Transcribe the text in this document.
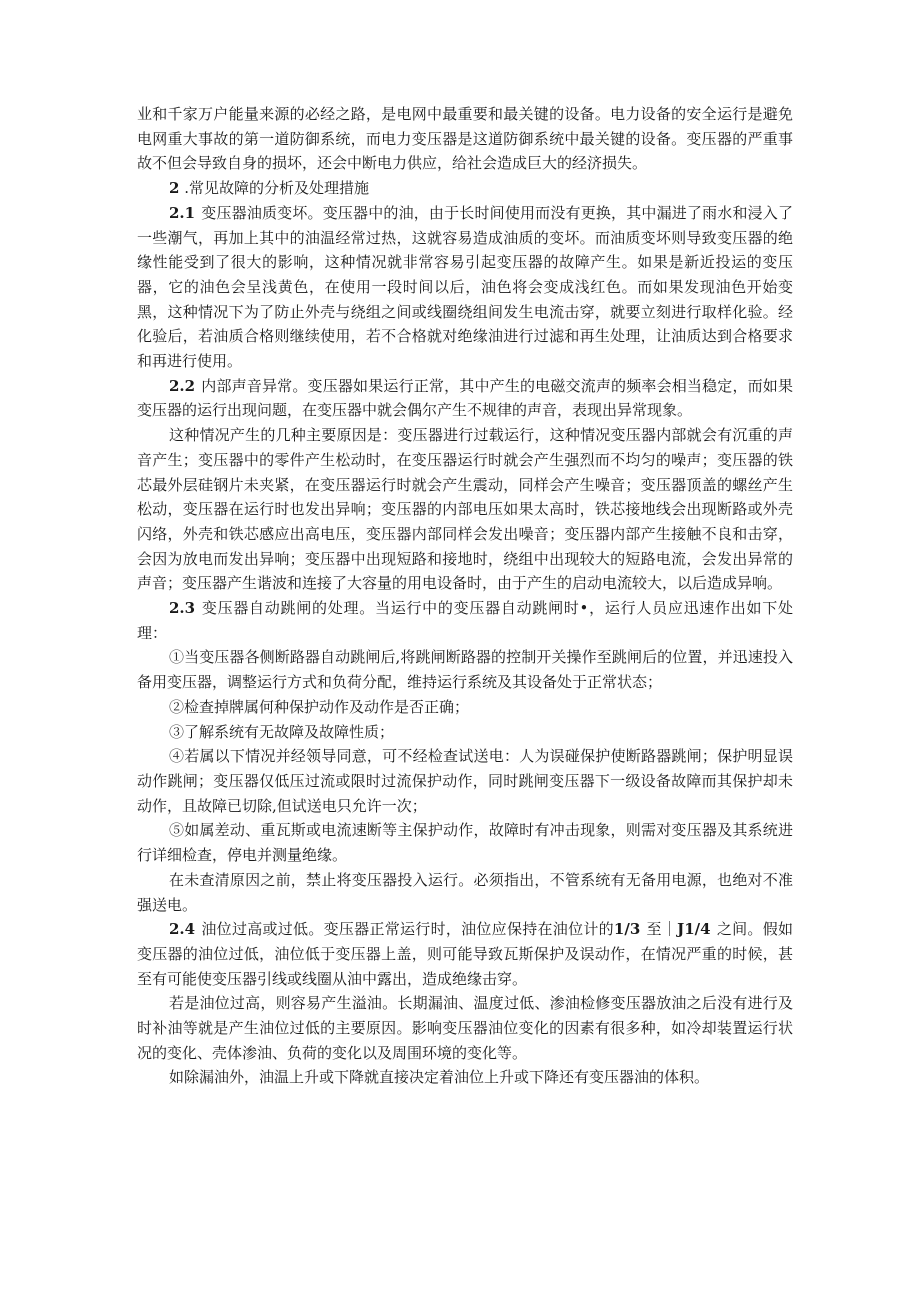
业和千家万户能量来源的必经之路，是电网中最重要和最关键的设备。电力设备的安全运行是避免电网重大事故的第一道防御系统，而电力变压器是这道防御系统中最关键的设备。变压器的严重事故不但会导致自身的损坏，还会中断电力供应，给社会造成巨大的经济损失。

2 .常见故障的分析及处理措施

2.1 变压器油质变坏。变压器中的油，由于长时间使用而没有更换，其中漏进了雨水和浸入了一些潮气，再加上其中的油温经常过热，这就容易造成油质的变坏。而油质变坏则导致变压器的绝缘性能受到了很大的影响，这种情况就非常容易引起变压器的故障产生。如果是新近投运的变压器，它的油色会呈浅黄色，在使用一段时间以后，油色将会变成浅红色。而如果发现油色开始变黑，这种情况下为了防止外壳与绕组之间或线圈绕组间发生电流击穿，就要立刻进行取样化验。经化验后，若油质合格则继续使用，若不合格就对绝缘油进行过滤和再生处理，让油质达到合格要求和再进行使用。

2.2 内部声音异常。变压器如果运行正常，其中产生的电磁交流声的频率会相当稳定，而如果变压器的运行出现问题，在变压器中就会偶尔产生不规律的声音，表现出异常现象。

这种情况产生的几种主要原因是：变压器进行过载运行，这种情况变压器内部就会有沉重的声音产生；变压器中的零件产生松动时，在变压器运行时就会产生强烈而不均匀的噪声；变压器的铁芯最外层硅钢片未夹紧，在变压器运行时就会产生震动，同样会产生噪音；变压器顶盖的螺丝产生松动，变压器在运行时也发出异响；变压器的内部电压如果太高时，铁芯接地线会出现断路或外壳闪络，外壳和铁芯感应出高电压，变压器内部同样会发出噪音；变压器内部产生接触不良和击穿，会因为放电而发出异响；变压器中出现短路和接地时，绕组中出现较大的短路电流，会发出异常的声音；变压器产生谐波和连接了大容量的用电设备时，由于产生的启动电流较大，以后造成异响。

2.3 变压器自动跳闸的处理。当运行中的变压器自动跳闸时•，运行人员应迅速作出如下处理：

①当变压器各侧断路器自动跳闸后,将跳闸断路器的控制开关操作至跳闸后的位置，并迅速投入备用变压器，调整运行方式和负荷分配，维持运行系统及其设备处于正常状态；

②检查掉牌属何种保护动作及动作是否正确；

③了解系统有无故障及故障性质；

④若属以下情况并经领导同意，可不经检查试送电：人为误碰保护使断路器跳闸；保护明显误动作跳闸；变压器仅低压过流或限时过流保护动作，同时跳闸变压器下一级设备故障而其保护却未动作，且故障已切除,但试送电只允许一次；

⑤如属差动、重瓦斯或电流速断等主保护动作，故障时有冲击现象，则需对变压器及其系统进行详细检查，停电并测量绝缘。

在未查清原因之前，禁止将变压器投入运行。必须指出，不管系统有无备用电源，也绝对不准强送电。

2.4 油位过高或过低。变压器正常运行时，油位应保持在油位计的1/3 至｜J1/4 之间。假如变压器的油位过低，油位低于变压器上盖，则可能导致瓦斯保护及误动作，在情况严重的时候，甚至有可能使变压器引线或线圈从油中露出，造成绝缘击穿。

若是油位过高，则容易产生溢油。长期漏油、温度过低、渗油检修变压器放油之后没有进行及时补油等就是产生油位过低的主要原因。影响变压器油位变化的因素有很多种，如冷却装置运行状况的变化、壳体渗油、负荷的变化以及周围环境的变化等。

如除漏油外，油温上升或下降就直接决定着油位上升或下降还有变压器油的体积。
